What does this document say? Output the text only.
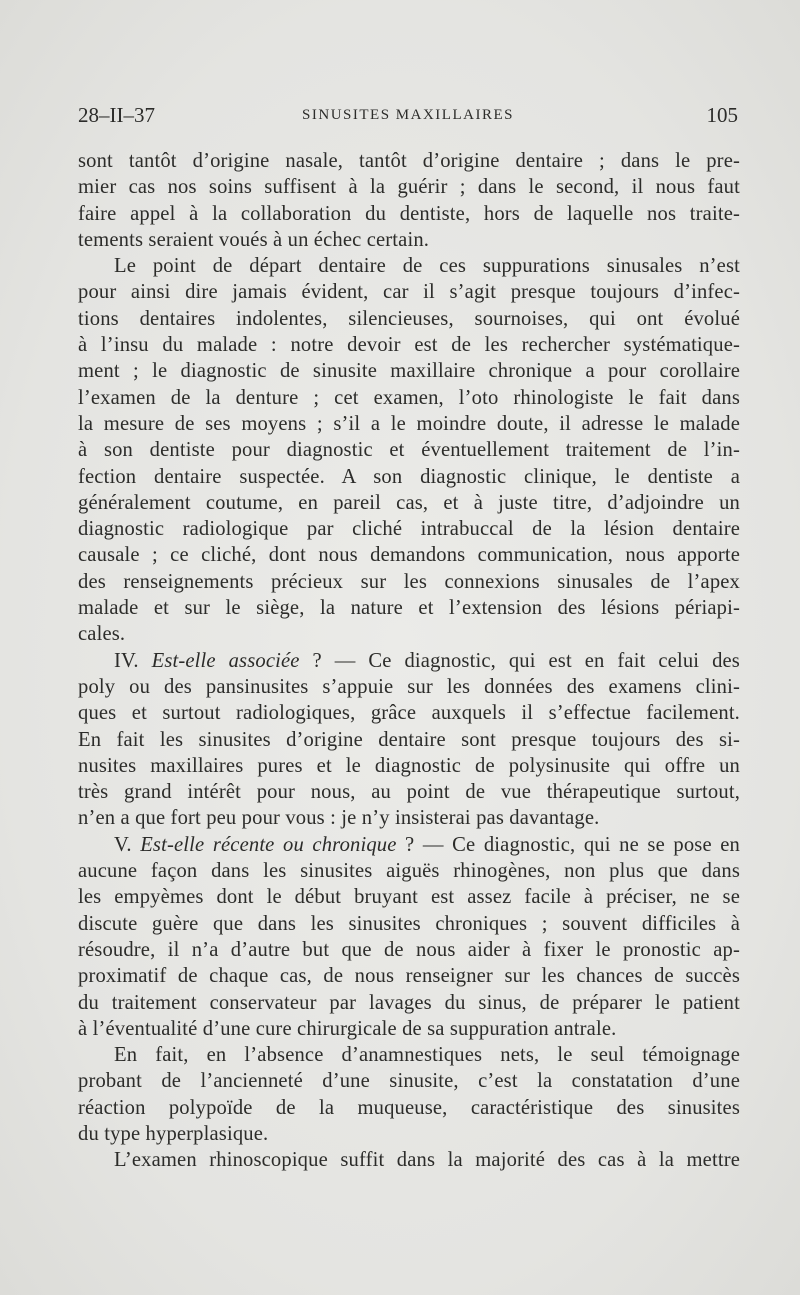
28–II–37	SINUSITES MAXILLAIRES	105
sont tantôt d’origine nasale, tantôt d’origine dentaire ; dans le pre-
mier cas nos soins suffisent à la guérir ; dans le second, il nous faut
faire appel à la collaboration du dentiste, hors de laquelle nos traite-
tements seraient voués à un échec certain.
Le point de départ dentaire de ces suppurations sinusales n’est
pour ainsi dire jamais évident, car il s’agit presque toujours d’infec-
tions dentaires indolentes, silencieuses, sournoises, qui ont évolué
à l’insu du malade : notre devoir est de les rechercher systématique-
ment ; le diagnostic de sinusite maxillaire chronique a pour corollaire
l’examen de la denture ; cet examen, l’oto rhinologiste le fait dans
la mesure de ses moyens ; s’il a le moindre doute, il adresse le malade
à son dentiste pour diagnostic et éventuellement traitement de l’in-
fection dentaire suspectée. A son diagnostic clinique, le dentiste a
généralement coutume, en pareil cas, et à juste titre, d’adjoindre un
diagnostic radiologique par cliché intrabuccal de la lésion dentaire
causale ; ce cliché, dont nous demandons communication, nous apporte
des renseignements précieux sur les connexions sinusales de l’apex
malade et sur le siège, la nature et l’extension des lésions périapi-
cales.
IV. Est-elle associée ? — Ce diagnostic, qui est en fait celui des
poly ou des pansinusites s’appuie sur les données des examens clini-
ques et surtout radiologiques, grâce auxquels il s’effectue facilement.
En fait les sinusites d’origine dentaire sont presque toujours des si-
nusites maxillaires pures et le diagnostic de polysinusite qui offre un
très grand intérêt pour nous, au point de vue thérapeutique surtout,
n’en a que fort peu pour vous : je n’y insisterai pas davantage.
V. Est-elle récente ou chronique ? — Ce diagnostic, qui ne se pose en
aucune façon dans les sinusites aiguës rhinogènes, non plus que dans
les empyèmes dont le début bruyant est assez facile à préciser, ne se
discute guère que dans les sinusites chroniques ; souvent difficiles à
résoudre, il n’a d’autre but que de nous aider à fixer le pronostic ap-
proximatif de chaque cas, de nous renseigner sur les chances de succès
du traitement conservateur par lavages du sinus, de préparer le patient
à l’éventualité d’une cure chirurgicale de sa suppuration antrale.
En fait, en l’absence d’anamnestiques nets, le seul témoignage
probant de l’ancienneté d’une sinusite, c’est la constatation d’une
réaction polypoïde de la muqueuse, caractéristique des sinusites
du type hyperplasique.
L’examen rhinoscopique suffit dans la majorité des cas à la mettre
